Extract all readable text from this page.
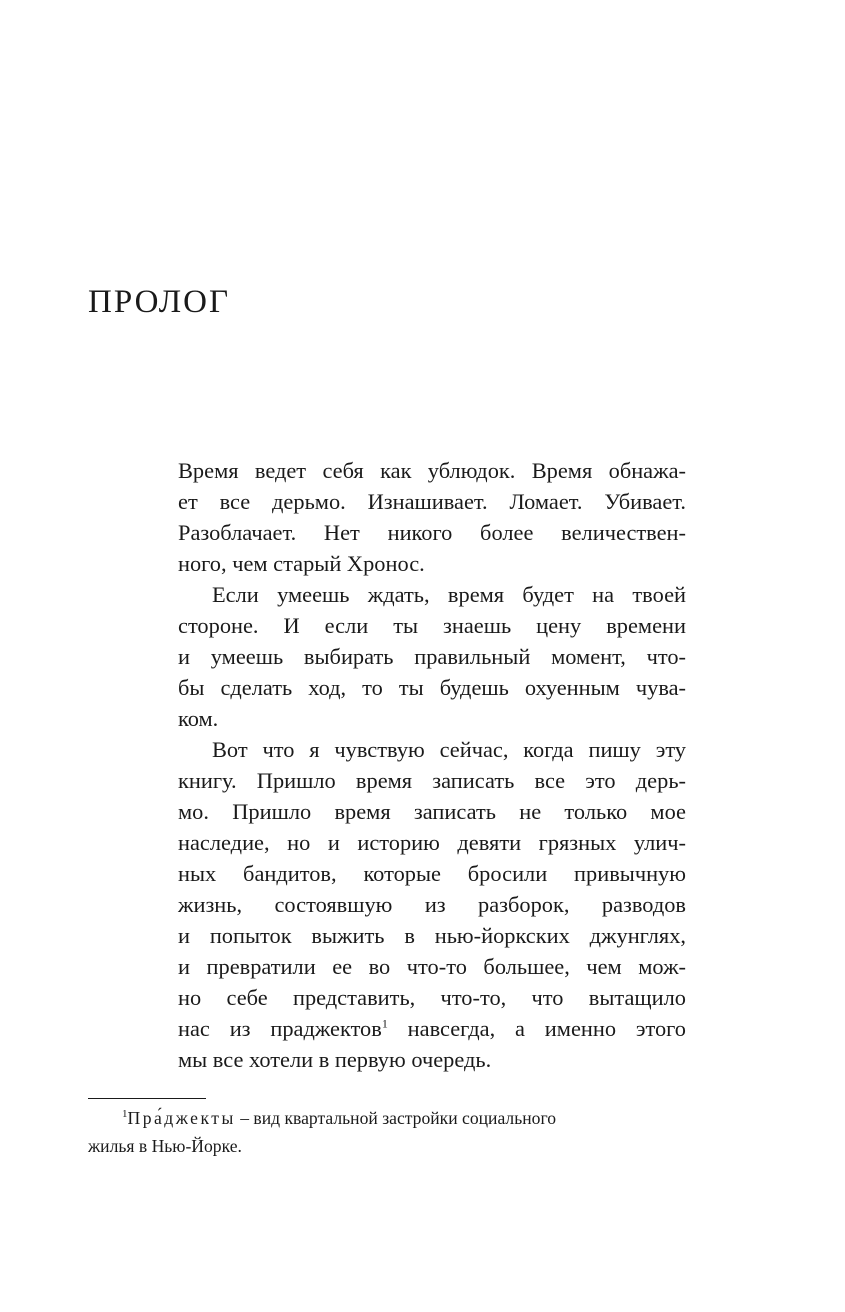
ПРОЛОГ
Время ведет себя как ублюдок. Время обнажа-
ет все дерьмо. Изнашивает. Ломает. Убивает.
Разоблачает. Нет никого более величествен-
ного, чем старый Хронос.
Если умеешь ждать, время будет на твоей
стороне. И если ты знаешь цену времени
и умеешь выбирать правильный момент, что-
бы сделать ход, то ты будешь охуенным чува-
ком.
Вот что я чувствую сейчас, когда пишу эту
книгу. Пришло время записать все это дерь-
мо. Пришло время записать не только мое
наследие, но и историю девяти грязных улич-
ных бандитов, которые бросили привычную
жизнь, состоявшую из разборок, разводов
и попыток выжить в нью-йоркских джунглях,
и превратили ее во что-то большее, чем мож-
но себе представить, что-то, что вытащило
нас из праджектов$^1$ навсегда, а именно этого
мы все хотели в первую очередь.
$^1$Пра́джекты – вид квартальной застройки социального
жилья в Нью-Йорке.
